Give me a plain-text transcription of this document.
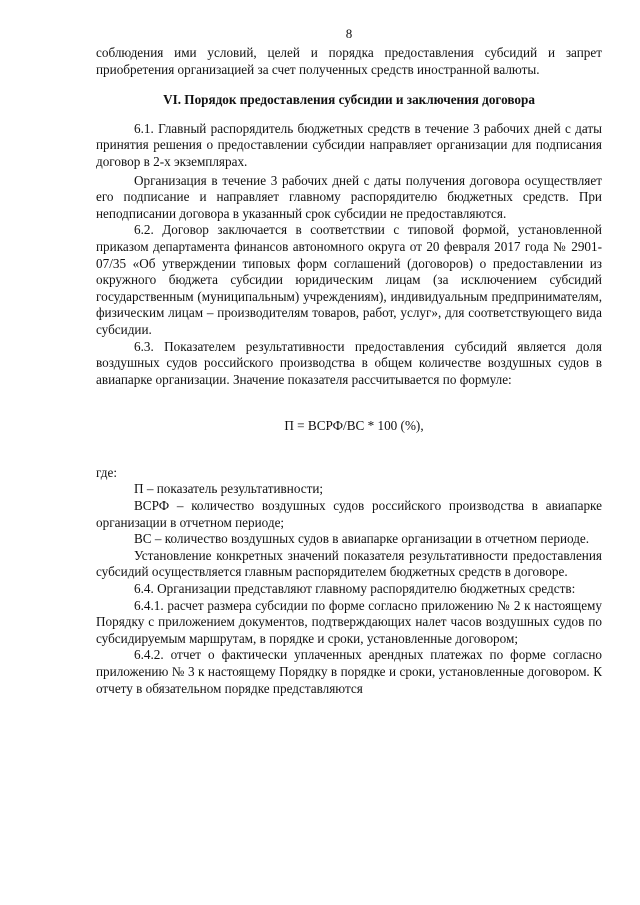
8

соблюдения ими условий, целей и порядка предоставления субсидий и запрет приобретения организацией за счет полученных средств иностранной валюты.

VI. Порядок предоставления субсидии и заключения договора

6.1. Главный распорядитель бюджетных средств в течение 3 рабочих дней с даты принятия решения о предоставлении субсидии направляет организации для подписания договор в 2-х экземплярах.

Организация в течение 3 рабочих дней с даты получения договора осуществляет его подписание и направляет главному распорядителю бюджетных средств. При неподписании договора в указанный срок субсидии не предоставляются.

6.2. Договор заключается в соответствии с типовой формой, установленной приказом департамента финансов автономного округа от 20 февраля 2017 года № 2901-07/35 «Об утверждении типовых форм соглашений (договоров) о предоставлении из окружного бюджета субсидии юридическим лицам (за исключением субсидий государственным (муниципальным) учреждениям), индивидуальным предпринимателям, физическим лицам – производителям товаров, работ, услуг», для соответствующего вида субсидии.

6.3. Показателем результативности предоставления субсидий является доля воздушных судов российского производства в общем количестве воздушных судов в авиапарке организации. Значение показателя рассчитывается по формуле:

П = ВСРФ/ВС * 100 (%),

где:

П – показатель результативности;

ВСРФ – количество воздушных судов российского производства в авиапарке организации в отчетном периоде;

ВС – количество воздушных судов в авиапарке организации в отчетном периоде.

Установление конкретных значений показателя результативности предоставления субсидий осуществляется главным распорядителем бюджетных средств в договоре.

6.4. Организации представляют главному распорядителю бюджетных средств:

6.4.1. расчет размера субсидии по форме согласно приложению № 2 к настоящему Порядку с приложением документов, подтверждающих налет часов воздушных судов по субсидируемым маршрутам, в порядке и сроки, установленные договором;

6.4.2. отчет о фактически уплаченных арендных платежах по форме согласно приложению № 3 к настоящему Порядку в порядке и сроки, установленные договором. К отчету в обязательном порядке представляются
